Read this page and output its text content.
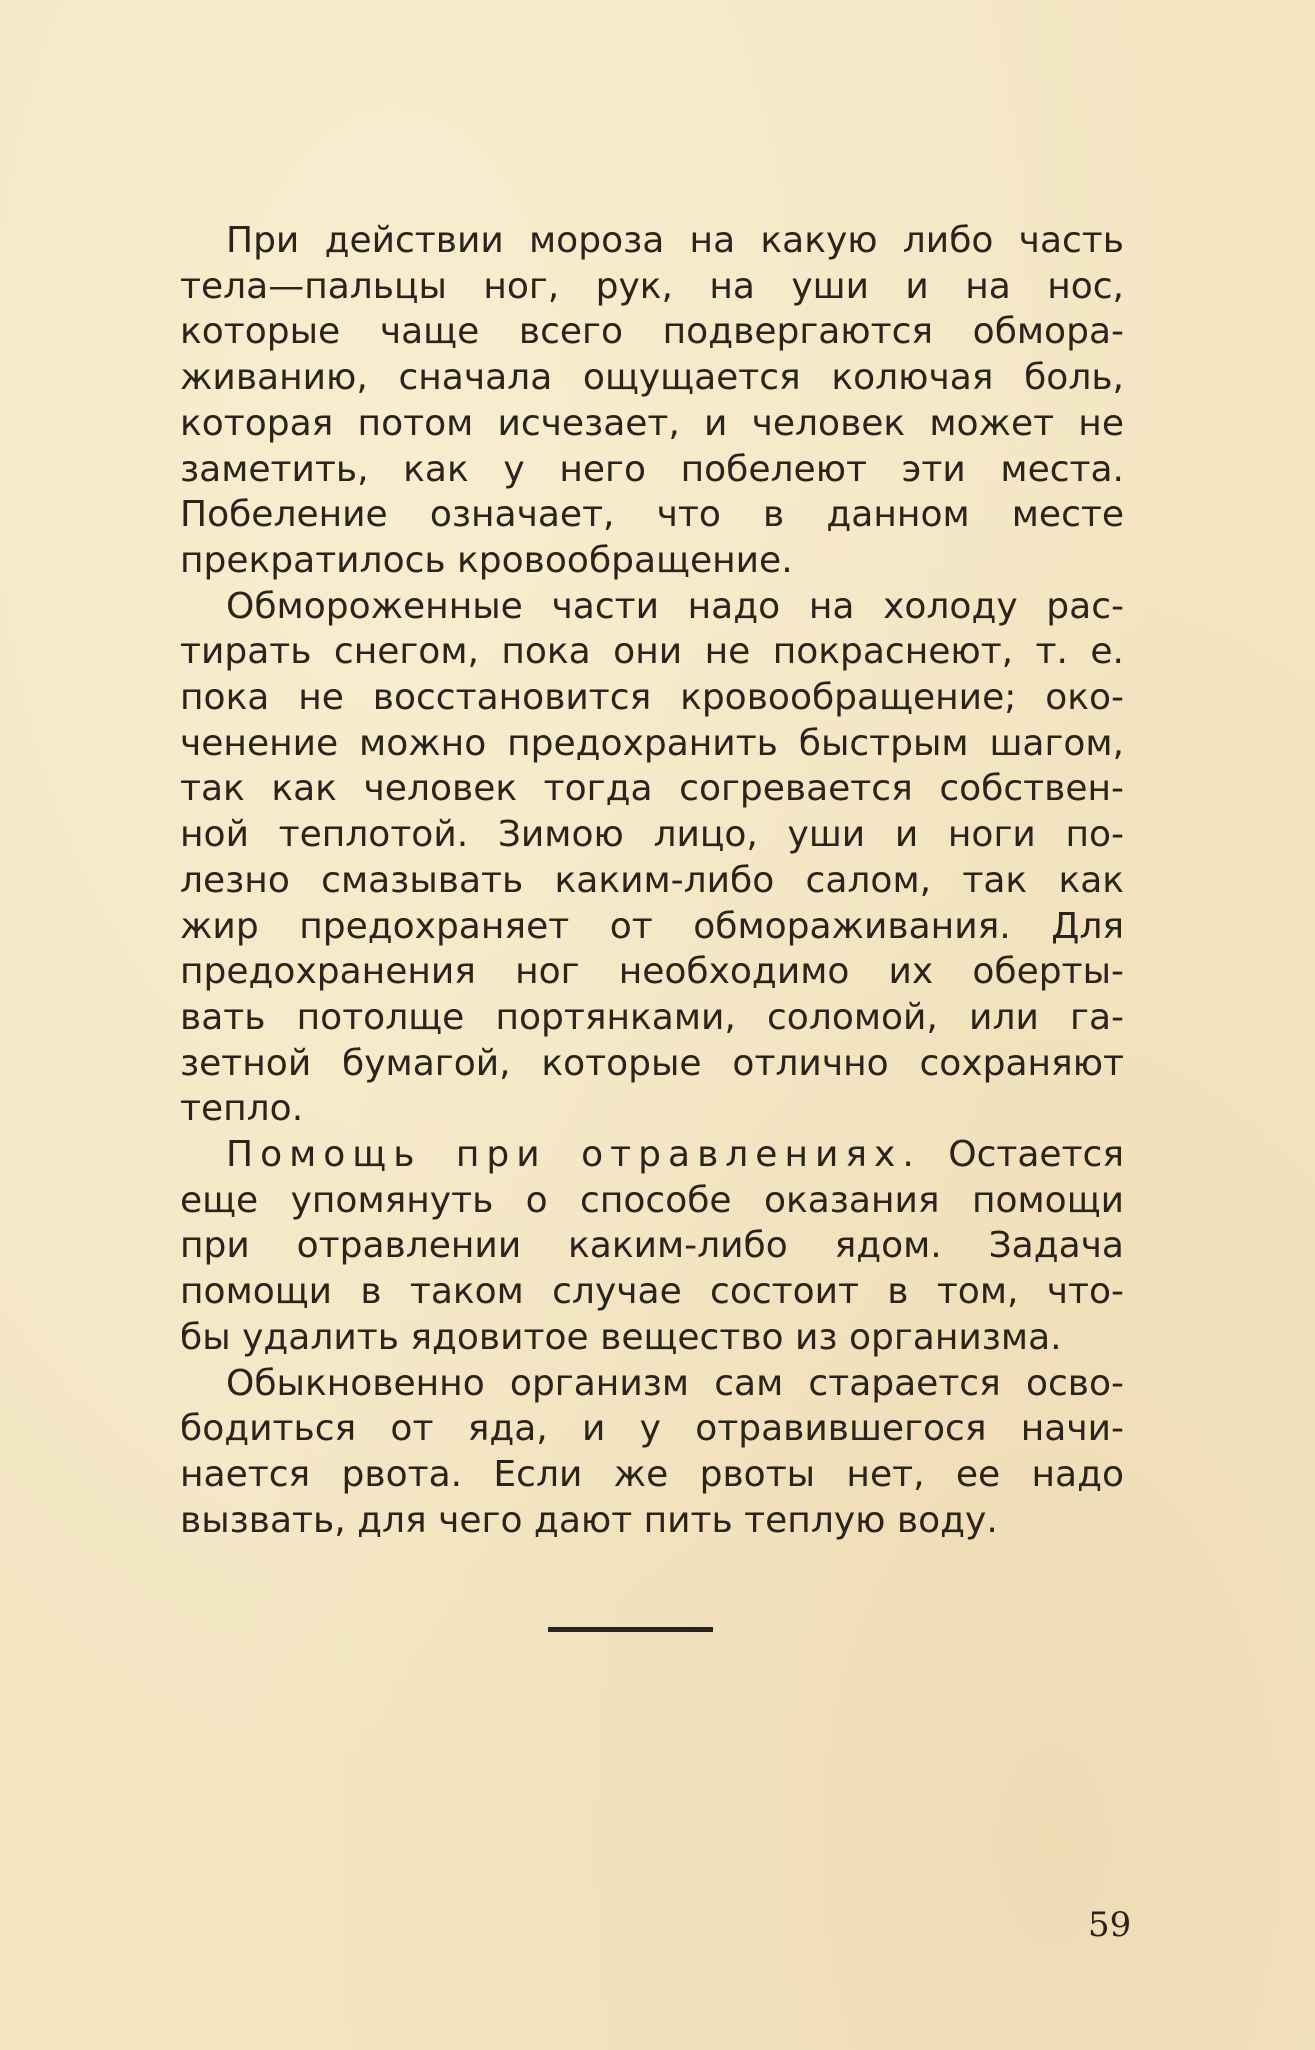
При действии мороза на какую либо часть
тела—пальцы ног, рук, на уши и на нос,
которые чаще всего подвергаются обмора-
живанию, сначала ощущается колючая боль,
которая потом исчезает, и человек может не
заметить, как у него побелеют эти места.
Побеление означает, что в данном месте
прекратилось кровообращение.
Обмороженные части надо на холоду рас-
тирать снегом, пока они не покраснеют, т. е.
пока не восстановится кровообращение; око-
ченение можно предохранить быстрым шагом,
так как человек тогда согревается собствен-
ной теплотой. Зимою лицо, уши и ноги по-
лезно смазывать каким-либо салом, так как
жир предохраняет от обмораживания. Для
предохранения ног необходимо их оберты-
вать потолще портянками, соломой, или га-
зетной бумагой, которые отлично сохраняют
тепло.
Помощь при отравлениях. Остается
еще упомянуть о способе оказания помощи
при отравлении каким-либо ядом. Задача
помощи в таком случае состоит в том, что-
бы удалить ядовитое вещество из организма.
Обыкновенно организм сам старается осво-
бодиться от яда, и у отравившегося начи-
нается рвота. Если же рвоты нет, ее надо
вызвать, для чего дают пить теплую воду.
59
